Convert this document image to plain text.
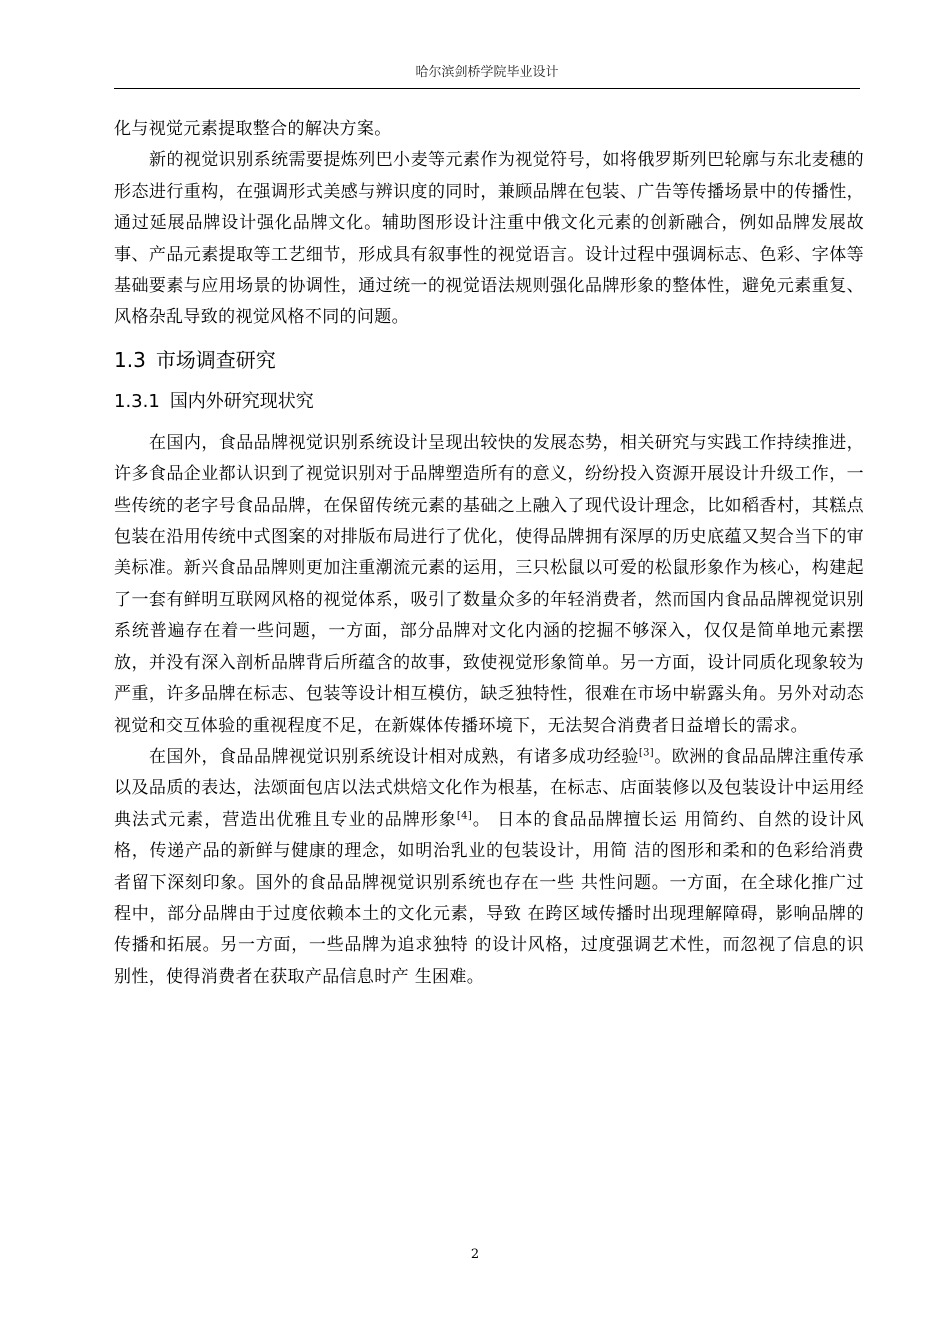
哈尔滨剑桥学院毕业设计

化与视觉元素提取整合的解决方案。

新的视觉识别系统需要提炼列巴小麦等元素作为视觉符号，如将俄罗斯列巴轮廓与东北麦穗的形态进行重构，在强调形式美感与辨识度的同时，兼顾品牌在包装、广告等传播场景中的传播性，通过延展品牌设计强化品牌文化。辅助图形设计注重中俄文化元素的创新融合，例如品牌发展故事、产品元素提取等工艺细节，形成具有叙事性的视觉语言。设计过程中强调标志、色彩、字体等基础要素与应用场景的协调性，通过统一的视觉语法规则强化品牌形象的整体性，避免元素重复、风格杂乱导致的视觉风格不同的问题。

1.3 市场调查研究
1.3.1 国内外研究现状究

在国内，食品品牌视觉识别系统设计呈现出较快的发展态势，相关研究与实践工作持续推进，许多食品企业都认识到了视觉识别对于品牌塑造所有的意义，纷纷投入资源开展设计升级工作，一些传统的老字号食品品牌，在保留传统元素的基础之上融入了现代设计理念，比如稻香村，其糕点包装在沿用传统中式图案的对排版布局进行了优化，使得品牌拥有深厚的历史底蕴又契合当下的审美标准。新兴食品品牌则更加注重潮流元素的运用，三只松鼠以可爱的松鼠形象作为核心，构建起了一套有鲜明互联网风格的视觉体系，吸引了数量众多的年轻消费者，然而国内食品品牌视觉识别系统普遍存在着一些问题，一方面，部分品牌对文化内涵的挖掘不够深入，仅仅是简单地元素摆放，并没有深入剖析品牌背后所蕴含的故事，致使视觉形象简单。另一方面，设计同质化现象较为严重，许多品牌在标志、包装等设计相互模仿，缺乏独特性，很难在市场中崭露头角。另外对动态视觉和交互体验的重视程度不足，在新媒体传播环境下，无法契合消费者日益增长的需求。

在国外，食品品牌视觉识别系统设计相对成熟，有诸多成功经验[3]。欧洲的食品品牌注重传承以及品质的表达，法颂面包店以法式烘焙文化作为根基，在标志、店面装修以及包装设计中运用经典法式元素，营造出优雅且专业的品牌形象[4]。 日本的食品品牌擅长运 用简约、自然的设计风格，传递产品的新鲜与健康的理念，如明治乳业的包装设计，用简 洁的图形和柔和的色彩给消费者留下深刻印象。国外的食品品牌视觉识别系统也存在一些 共性问题。一方面，在全球化推广过程中，部分品牌由于过度依赖本土的文化元素，导致 在跨区域传播时出现理解障碍，影响品牌的传播和拓展。另一方面，一些品牌为追求独特 的设计风格，过度强调艺术性，而忽视了信息的识别性，使得消费者在获取产品信息时产 生困难。

2
